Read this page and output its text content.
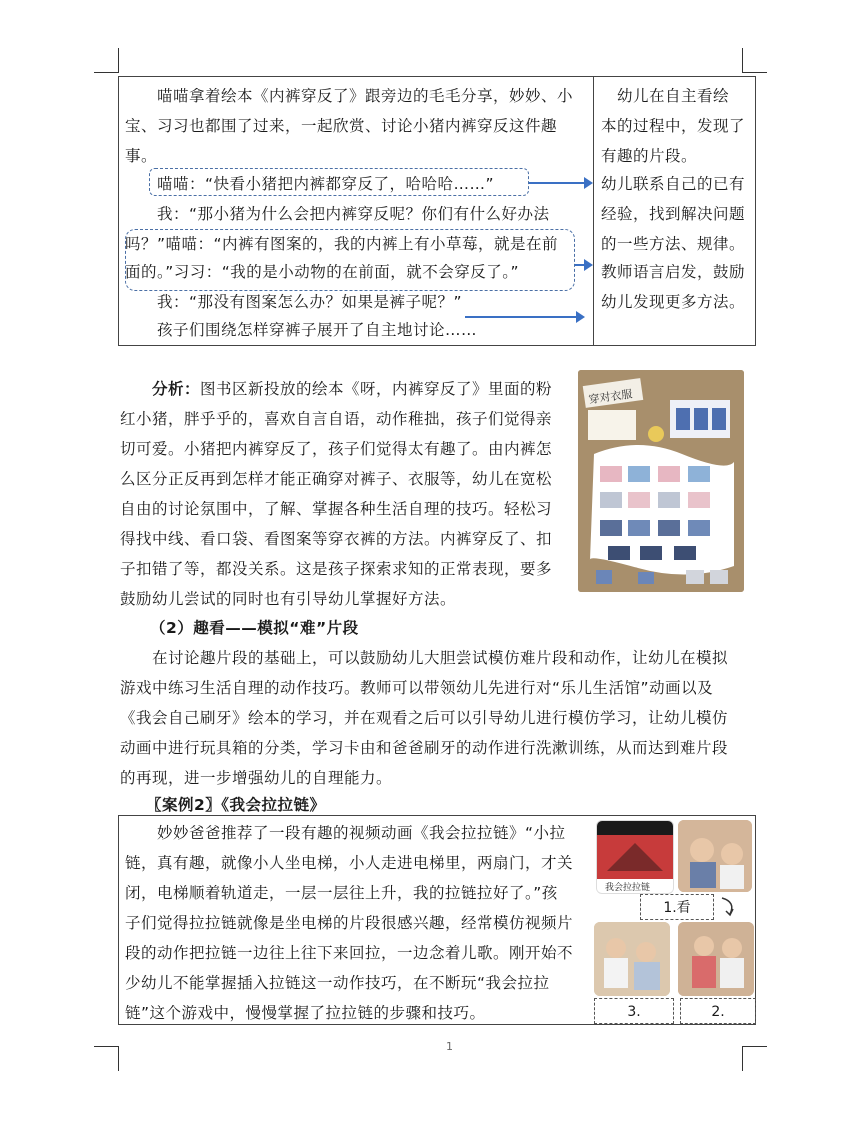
　　喵喵拿着绘本《内裤穿反了》跟旁边的毛毛分享，妙妙、小
宝、习习也都围了过来，一起欣赏、讨论小猪内裤穿反这件趣
事。
　　喵喵：“快看小猪把内裤都穿反了，哈哈哈……”
　　我：“那小猪为什么会把内裤穿反呢？你们有什么好办法
吗？”喵喵：“内裤有图案的，我的内裤上有小草莓，就是在前
面的。”习习：“我的是小动物的在前面，就不会穿反了。”
　　我：“那没有图案怎么办？如果是裤子呢？”
　　孩子们围绕怎样穿裤子展开了自主地讨论……
　幼儿在自主看绘
本的过程中，发现了
有趣的片段。
幼儿联系自己的已有
经验，找到解决问题
的一些方法、规律。
教师语言启发，鼓励
幼儿发现更多方法。
分析：图书区新投放的绘本《呀，内裤穿反了》里面的粉
红小猪，胖乎乎的，喜欢自言自语，动作稚拙，孩子们觉得亲
切可爱。小猪把内裤穿反了，孩子们觉得太有趣了。由内裤怎
么区分正反再到怎样才能正确穿对裤子、衣服等，幼儿在宽松
自由的讨论氛围中，了解、掌握各种生活自理的技巧。轻松习
得找中线、看口袋、看图案等穿衣裤的方法。内裤穿反了、扣
子扣错了等，都没关系。这是孩子探索求知的正常表现，要多
鼓励幼儿尝试的同时也有引导幼儿掌握好方法。
穿对衣服
（2）趣看——模拟“难”片段
　　在讨论趣片段的基础上，可以鼓励幼儿大胆尝试模仿难片段和动作，让幼儿在模拟
游戏中练习生活自理的动作技巧。教师可以带领幼儿先进行对“乐儿生活馆”动画以及
《我会自己刷牙》绘本的学习，并在观看之后可以引导幼儿进行模仿学习，让幼儿模仿
动画中进行玩具箱的分类，学习卡由和爸爸刷牙的动作进行洗漱训练，从而达到难片段
的再现，进一步增强幼儿的自理能力。
〖案例2〗《我会拉拉链》
　　妙妙爸爸推荐了一段有趣的视频动画《我会拉拉链》“小拉
链，真有趣，就像小人坐电梯，小人走进电梯里，两扇门，才关
闭，电梯顺着轨道走，一层一层往上升，我的拉链拉好了。”孩
子们觉得拉拉链就像是坐电梯的片段很感兴趣，经常模仿视频片
段的动作把拉链一边往上往下来回拉，一边念着儿歌。刚开始不
少幼儿不能掌握插入拉链这一动作技巧，在不断玩“我会拉拉
链”这个游戏中，慢慢掌握了拉拉链的步骤和技巧。
我会拉拉链
1.看
3.	2.
1
